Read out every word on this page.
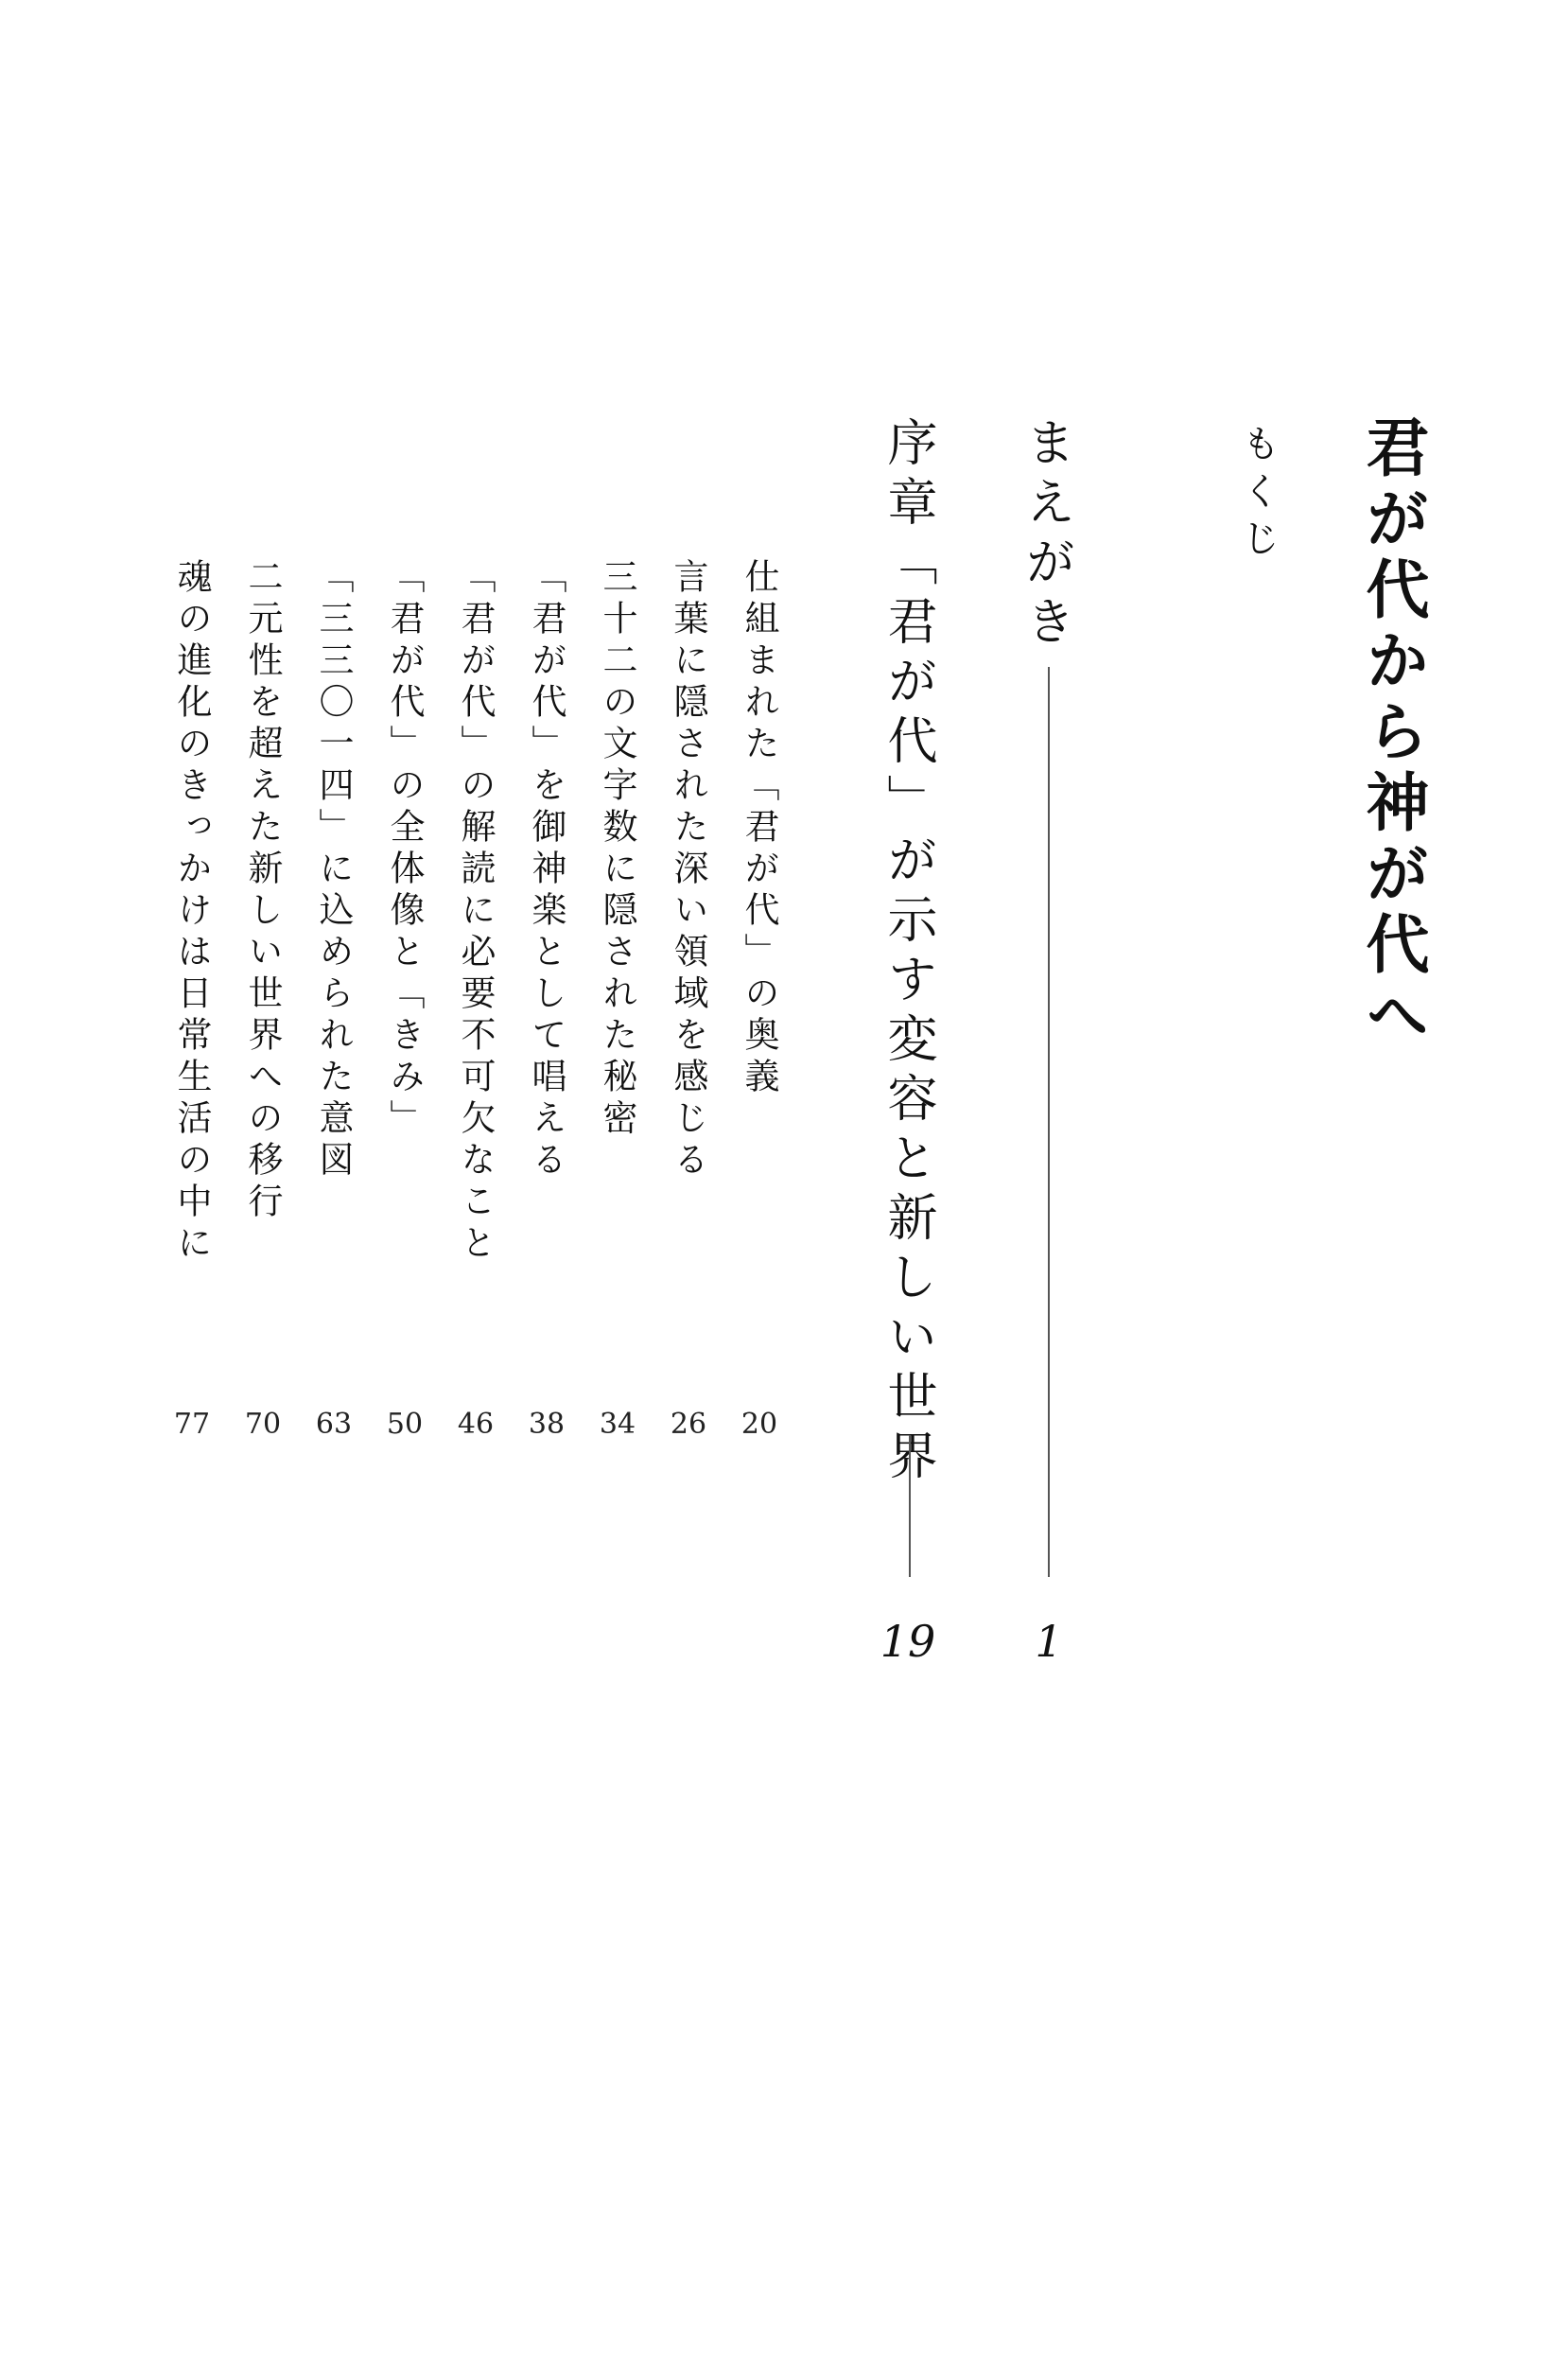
君が代から神が代へ
もくじ
まえがき
1
序章「君が代」が示す変容と新しい世界
19
仕組まれた「君が代」の奥義
20
言葉に隠された深い領域を感じる
26
三十二の文字数に隠された秘密
34
「君が代」を御神楽として唱える
38
「君が代」の解読に必要不可欠なこと
46
「君が代」の全体像と「きみ」
50
「三三〇一四」に込められた意図
63
二元性を超えた新しい世界への移行
70
魂の進化のきっかけは日常生活の中に
77
